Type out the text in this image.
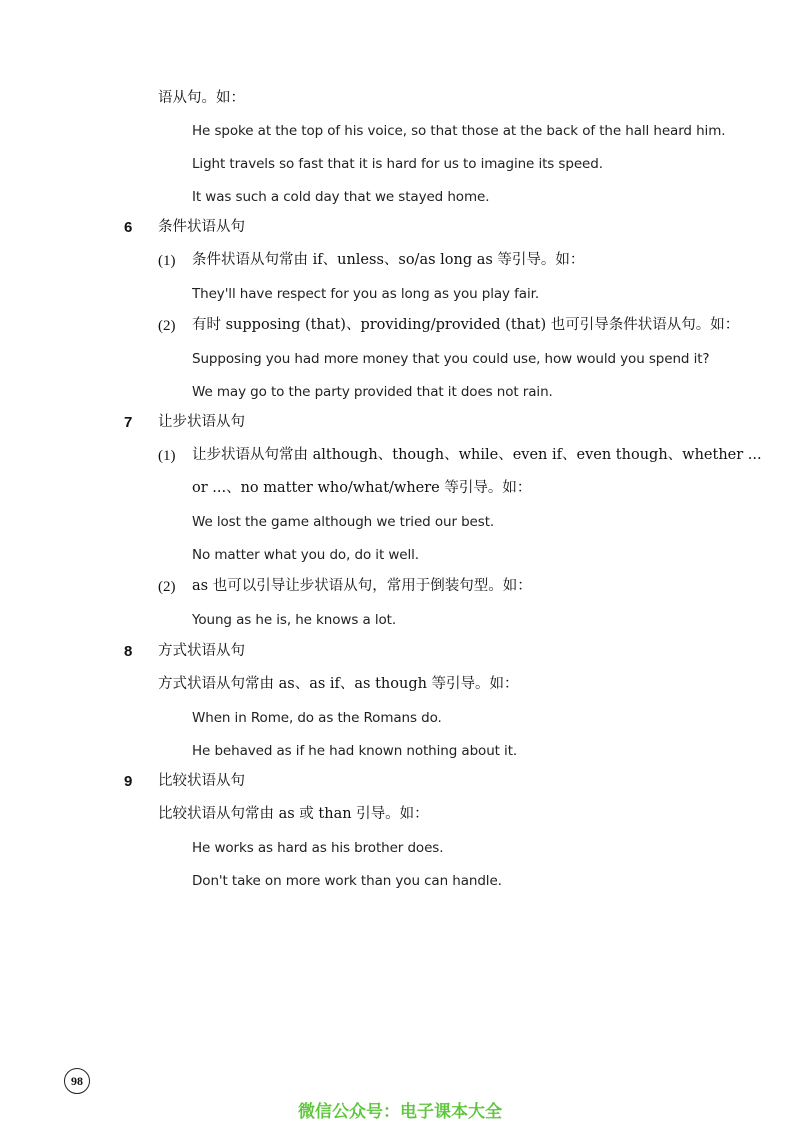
语从句。如：
He spoke at the top of his voice, so that those at the back of the hall heard him.
Light travels so fast that it is hard for us to imagine its speed.
It was such a cold day that we stayed home.
6 条件状语从句
(1) 条件状语从句常由 if、unless、so/as long as 等引导。如：
They'll have respect for you as long as you play fair.
(2) 有时 supposing (that)、providing/provided (that) 也可引导条件状语从句。如：
Supposing you had more money that you could use, how would you spend it?
We may go to the party provided that it does not rain.
7 让步状语从句
(1) 让步状语从句常由 although、though、while、even if、even though、whether ...
or ...、no matter who/what/where 等引导。如：
We lost the game although we tried our best.
No matter what you do, do it well.
(2) as 也可以引导让步状语从句，常用于倒装句型。如：
Young as he is, he knows a lot.
8 方式状语从句
方式状语从句常由 as、as if、as though 等引导。如：
When in Rome, do as the Romans do.
He behaved as if he had known nothing about it.
9 比较状语从句
比较状语从句常由 as 或 than 引导。如：
He works as hard as his brother does.
Don't take on more work than you can handle.
98
微信公众号：电子课本大全
